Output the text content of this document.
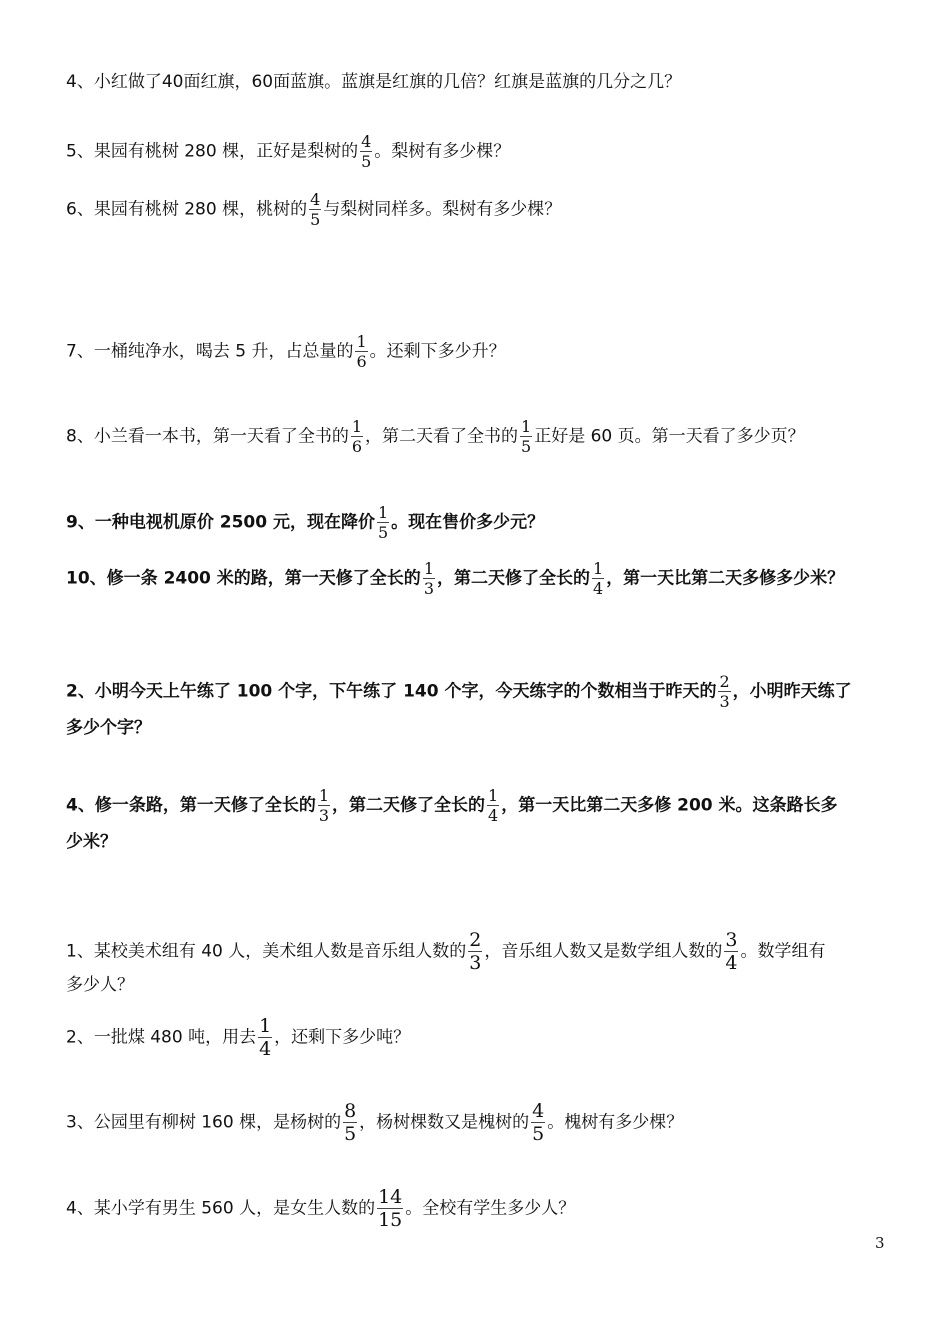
4、小红做了40面红旗，60面蓝旗。蓝旗是红旗的几倍？红旗是蓝旗的几分之几？
5、果园有桃树 280 棵，正好是梨树的 $\frac{4}{5}$ 。梨树有多少棵？
6、果园有桃树 280 棵，桃树的 $\frac{4}{5}$ 与梨树同样多。梨树有多少棵？
7、一桶纯净水，喝去 5 升，占总量的 $\frac{1}{6}$ 。还剩下多少升？
8、小兰看一本书，第一天看了全书的 $\frac{1}{6}$ ，第二天看了全书的 $\frac{1}{5}$ 正好是 60 页。第一天看了多少页？
9、一种电视机原价 2500 元，现在降价 $\frac{1}{5}$ 。现在售价多少元？
10、修一条 2400 米的路，第一天修了全长的 $\frac{1}{3}$ ，第二天修了全长的 $\frac{1}{4}$ ，第一天比第二天多修多少米？
2、小明今天上午练了 100 个字，下午练了 140 个字，今天练字的个数相当于昨天的 $\frac{2}{3}$ ，小明昨天练了
多少个字？
4、修一条路，第一天修了全长的 $\frac{1}{3}$ ，第二天修了全长的 $\frac{1}{4}$ ，第一天比第二天多修 200 米。这条路长多
少米？
1、某校美术组有 40 人，美术组人数是音乐组人数的 $\frac{2}{3}$ ，音乐组人数又是数学组人数的 $\frac{3}{4}$ 。数学组有
多少人？
2、一批煤 480 吨，用去 $\frac{1}{4}$ ，还剩下多少吨？
3、公园里有柳树 160 棵，是杨树的 $\frac{8}{5}$ ，杨树棵数又是槐树的 $\frac{4}{5}$ 。槐树有多少棵？
4、某小学有男生 560 人，是女生人数的 $\frac{14}{15}$ 。全校有学生多少人？
3
